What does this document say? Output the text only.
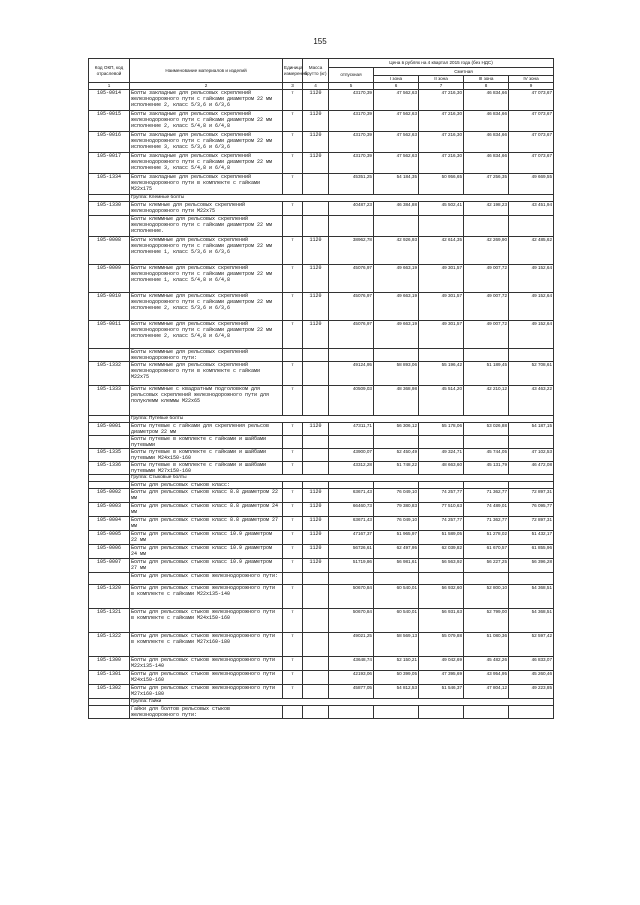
155
Код ОКП, код отраслевой	Наименование материалов и изделий	Единица измерения	Масса брутто (кг)	Цена в рублях на 4 квартал 2015 года (без НДС)				
				отпускная	Сметная			
					I зона	II зона	III зона	IV зона
1	2	3	4	5	6	7	8	9
105-0014	Болты закладные для рельсовых скреплений железнодорожного пути с гайками диаметром 22 мм исполнение 2, класс 5/3,6 и 6/3,6	т	1120	43170,39	47 562,63	47 216,30	46 834,66	47 073,67
105-0015	Болты закладные для рельсовых скреплений железнодорожного пути с гайками диаметром 22 мм исполнение 2, класс 5/4,8 и 6/4,8	т	1120	43170,39	47 562,63	47 216,30	46 834,66	47 073,67
105-0016	Болты закладные для рельсовых скреплений железнодорожного пути с гайками диаметром 22 мм исполнение 3, класс 5/3,6 и 6/3,6	т	1120	43170,39	47 562,63	47 216,30	46 834,66	47 073,67
105-0017	Болты закладные для рельсовых скреплений железнодорожного пути с гайками диаметром 22 мм исполнение 3, класс 5/4,8 и 6/4,8	т	1120	43170,39	47 562,63	47 216,30	46 834,66	47 073,67
105-1334	Болты закладные для рельсовых скреплений железнодорожного пути в комплекте с гайками М22х175	т		45351,25	54 184,35	50 956,65	47 256,35	49 669,55
	Группа: Клемные болты							
105-1330	Болты клемные для рельсовых скреплений железнодорожного пути М22х75	т		40487,23	46 384,88	45 502,41	42 198,23	43 451,94
	Болты клеммные для рельсовых скреплений железнодорожного пути с гайками диаметром 22 мм исполнение.							
105-0008	Болты клеммные для рельсовых скреплений железнодорожного пути с гайками диаметром 22 мм исполнение 1, класс 5/3,6 и 6/3,6	т	1120	38962,78	42 926,93	42 614,35	42 269,90	42 485,62
105-0009	Болты клеммные для рельсовых скреплений железнодорожного пути с гайками диаметром 22 мм исполнение 1, класс 5/4,8 и 6/4,8	т	1120	45076,97	49 663,19	49 301,57	49 007,72	49 152,64
105-0010	Болты клеммные для рельсовых скреплений железнодорожного пути с гайками диаметром 22 мм исполнение 2, класс 5/3,6 и 6/3,6	т	1120	45076,97	49 663,19	49 301,57	49 007,72	49 152,64
105-0011	Болты клеммные для рельсовых скреплений железнодорожного пути с гайками диаметром 22 мм исполнение 2, класс 5/4,8 и 6/4,8	т	1120	45076,97	49 663,19	49 301,57	49 007,72	49 152,64
	Болты клеммные для рельсовых скреплений железнодорожного пути:							
105-1332	Болты клеммные для рельсовых скреплений железнодорожного пути в комплекте с гайками М22х75	т		49124,95	58 893,06	55 196,42	51 189,45	52 708,61
105-1333	Болты клеммные с квадратным подголовком для рельсовых скреплений железнодорожного пути для полуклемм клеммы М22х65	т		40509,03	48 368,98	45 514,20	42 210,12	43 463,22
	Группа: Путевые болты							
105-0001	Болты путевые с гайками для скрепления рельсов диаметром 22 мм	т	1120	47311,71	56 306,12	55 178,06	53 026,88	54 187,15
	Болты путевые в комплекте с гайками и шайбами путевыми							
105-1335	Болты путевые в комплекте с гайками и шайбами путевыми М24х150-160	т		43900,07	52 450,49	49 324,71	45 744,05	47 102,53
105-1336	Болты путевые в комплекте с гайками и шайбами путевыми М27х150-160	т		43312,28	51 748,22	48 663,60	45 131,79	46 472,08
	Группа: Стыковые болты							
	Болты для рельсовых стыков класс:							
105-0002	Болты для рельсовых стыков класс 8.8 диаметром 22 мм	т	1120	63671,43	76 049,10	74 257,77	71 362,77	72 897,31
105-0003	Болты для рельсовых стыков класс 8.8 диаметром 24 мм	т	1120	66460,73	79 380,83	77 510,63	74 489,01	76 095,77
105-0004	Болты для рельсовых стыков класс 8.8 диаметром 27 мм	т	1120	63671,43	76 049,10	74 257,77	71 362,77	72 897,31
105-0005	Болты для рельсовых стыков класс 10.9 диаметром 22 мм	т	1120	47167,37	51 965,97	51 589,05	51 278,02	51 432,17
105-0006	Болты для рельсовых стыков класс 10.9 диаметром 24 мм	т	1120	56726,61	62 497,95	62 039,82	61 670,57	61 855,96
105-0007	Болты для рельсовых стыков класс 10.9 диаметром 27 мм	т	1120	51719,86	56 981,61	56 563,92	56 227,25	56 396,28
	Болты для рельсовых стыков железнодорожного пути:							
105-1320	Болты для рельсовых стыков железнодорожного пути в комплекте с гайками М22х135-140	т		50670,84	60 540,01	56 932,60	52 800,10	54 368,51
105-1321	Болты для рельсовых стыков железнодорожного пути в комплекте с гайками М24х150-160	т		50670,84	60 540,01	56 931,63	52 799,00	54 368,51
105-1322	Болты для рельсовых стыков железнодорожного пути в комплекте с гайками М27х160-180	т		49021,25	58 569,13	55 079,88	51 080,36	52 597,42
105-1300	Болты для рельсовых стыков железнодорожного пути М22х135-140	т		43648,74	52 150,21	49 042,69	45 482,26	46 833,07
105-1301	Болты для рельсовых стыков железнодорожного пути М24х150-160	т		42193,06	50 399,05	47 395,69	43 954,95	45 260,46
105-1302	Болты для рельсовых стыков железнодорожного пути М27х160-180	т		45877,05	54 812,53	51 546,37	47 804,12	49 223,85
	Группа: Гайки							
	Гайки для болтов рельсовых стыков железнодорожного пути:							
